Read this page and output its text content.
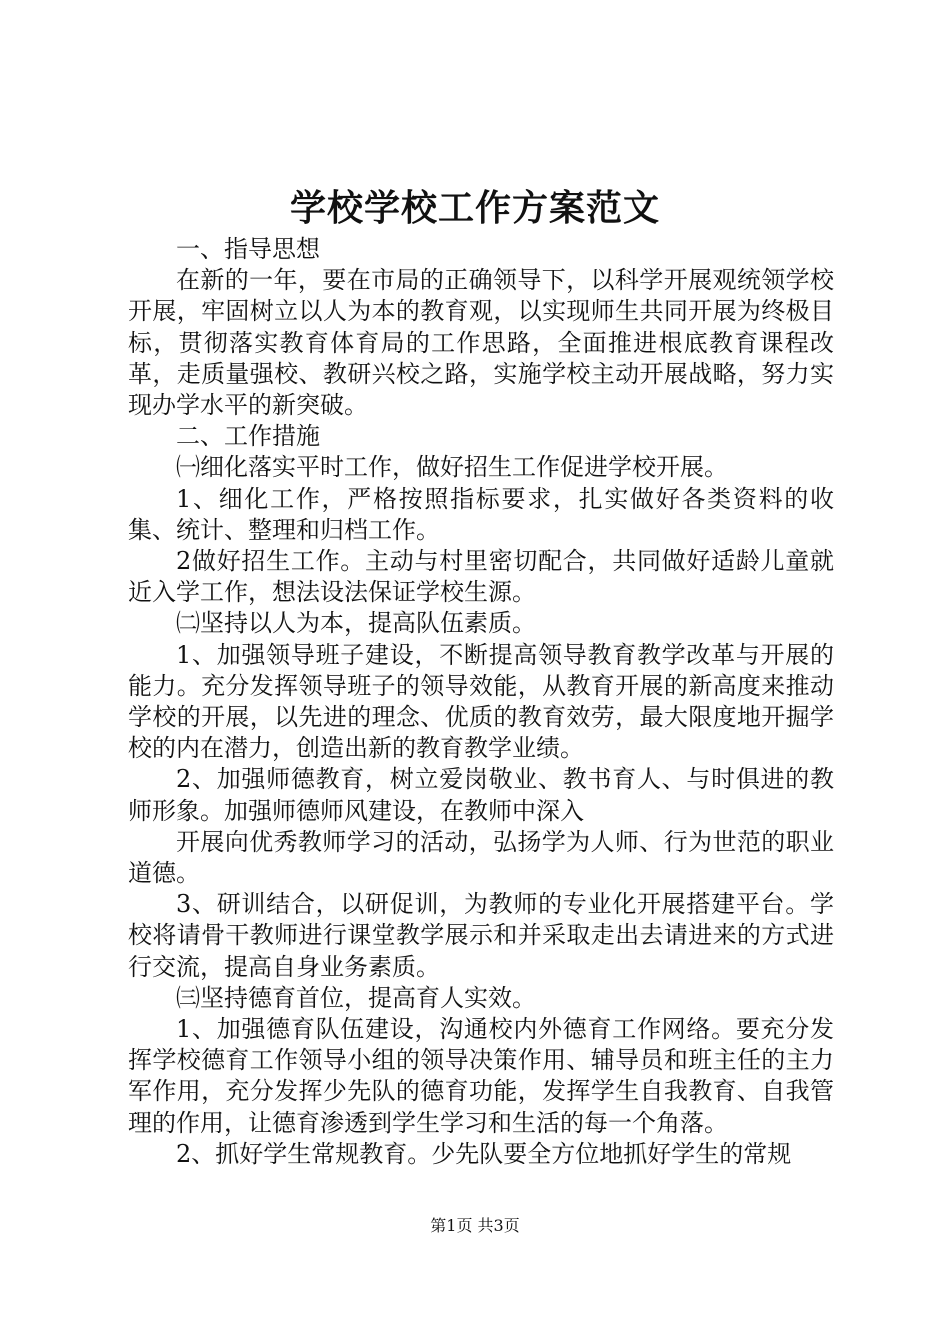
学校学校工作方案范文

一、指导思想

在新的一年，要在市局的正确领导下，以科学开展观统领学校开展，牢固树立以人为本的教育观，以实现师生共同开展为终极目标，贯彻落实教育体育局的工作思路，全面推进根底教育课程改革，走质量强校、教研兴校之路，实施学校主动开展战略，努力实现办学水平的新突破。

二、工作措施

㈠细化落实平时工作，做好招生工作促进学校开展。

1、细化工作，严格按照指标要求，扎实做好各类资料的收集、统计、整理和归档工作。

2做好招生工作。主动与村里密切配合，共同做好适龄儿童就近入学工作，想法设法保证学校生源。

㈡坚持以人为本，提高队伍素质。

1、加强领导班子建设，不断提高领导教育教学改革与开展的能力。充分发挥领导班子的领导效能，从教育开展的新高度来推动学校的开展，以先进的理念、优质的教育效劳，最大限度地开掘学校的内在潜力，创造出新的教育教学业绩。

2、加强师德教育，树立爱岗敬业、教书育人、与时俱进的教师形象。加强师德师风建设，在教师中深入

开展向优秀教师学习的活动，弘扬学为人师、行为世范的职业道德。

3、研训结合，以研促训，为教师的专业化开展搭建平台。学校将请骨干教师进行课堂教学展示和并采取走出去请进来的方式进行交流，提高自身业务素质。

㈢坚持德育首位，提高育人实效。

1、加强德育队伍建设，沟通校内外德育工作网络。要充分发挥学校德育工作领导小组的领导决策作用、辅导员和班主任的主力军作用，充分发挥少先队的德育功能，发挥学生自我教育、自我管理的作用，让德育渗透到学生学习和生活的每一个角落。

2、抓好学生常规教育。少先队要全方位地抓好学生的常规

第1页 共3页
